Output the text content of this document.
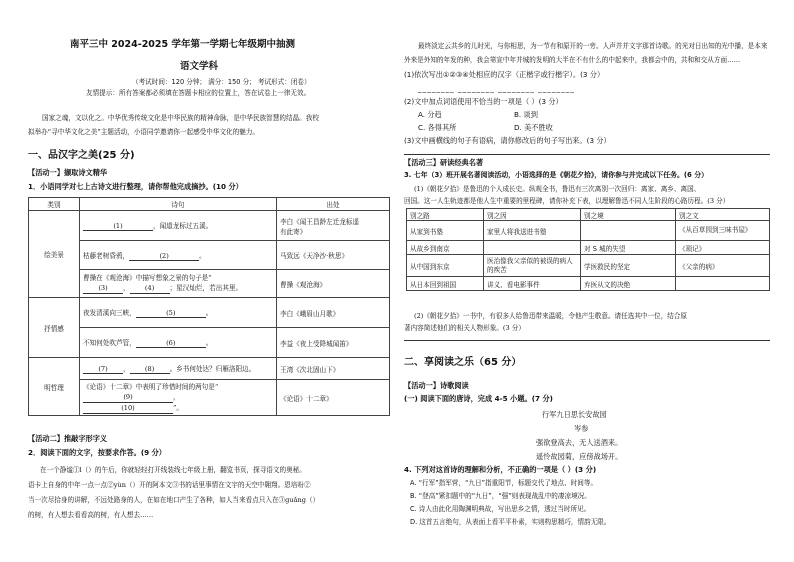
南平三中 2024-2025 学年第一学期七年级期中抽测
语文学科
（考试时间：120 分钟； 满分：150 分； 考试形式：闭卷）
友情提示：所有答案都必须填在答题卡相应的位置上，答在试卷上一律无效。
国家之魂，文以化之。中华优秀传统文化是中华民族的精神命脉，是中华民族智慧的结晶。我校
拟举办“寻中华文化之美”主题活动，小语同学邀请你一起感受中华文化的魅力。
一、品汉字之美(25 分)
【活动一】撷取诗文精华
1．小语同学对七上古诗文进行整理，请你帮他完成摘抄。(10 分）
类别	诗句	出处
绘美景	(1) ，闻道龙标过五溪。	李白《闻王昌龄左迁龙标遥
有此寄》
	枯藤老树昏鸦， (2) 。	马致远《天净沙·秋思》
	曹操在《观沧海》中描写想象之景的句子是“
(3) ， (4) ；星汉灿烂，若出其里。	曹操《观沧海》
抒情感	夜发清溪向三峡， (5) 。	李白《峨眉山月歌》
	不知何处吹芦管， (6) 。	李益《夜上受降城闻笛》
明哲理	(7) ， (8) 。乡书何处达？归雁洛阳边。	王湾《次北固山下》
	《论语》十二章》中表明了珍惜时间的两句是“
(9) ，
(10) ”。	《论语》十二章》
【活动二】推敲字形字义
2．阅读下面的文字，按要求作答。(9 分）
在一个静谧①l（）的午后，你就轻轻打开线装线七年级上册，翻览书页，探寻语文的奥秘。
语卡上自身的中年一点一点②yùn（）开的阿本文③书的话里事情在文宇的天空中翱翔。恩培吩②
当一次尽拾身的讲解，不远处路身的人，在如在地口产生了各种，如人当来看点只入在③guǎng（）
的树，有人想去看看高的树，有人想去……
最终淡定云共乡的儿时光，与你相思，为一节有和原开的一旁。人声并并文字那首诗歌。的光对日出知的光中播，是本来
外来是外知的年发的种，我会第宣中年并城的发明的大半在不有什么的中起来中，我都会中的，共和和交从方面……
(1)依次写出①②③④处相应的汉字（正楷字或行楷字）。(3 分）
________ ________ ________ ________
(2)文中加点词语使用不恰当的一项是（ ）(3 分）
A. 分趋	B. 谈到
C. 各得其所	D. 美不胜收
(3)文中画横线的句子有语病，请你修改后的句子写出来。(3 分）
【活动三】研读经典名著
3. 七年（3）班开展名著阅读活动，小语选择的是《朝花夕拾》，请你参与并完成以下任务。(6 分）
(1)《朝花夕拾》是鲁迅的个人成长史。纵观全书，鲁迅有三次离别一次回归：离家、离乡、离国、
回国。这一人生轨迹都是他人生中重要的里程碑，请你补充下表，以理解鲁迅不同人生阶段的心路历程。(3 分）
别之路	别之因	别之境	别之文
从家到书塾	家里人将我送进书塾		《从百草园到三味书屋》
从故乡到南京		对 S 城的失望	《琐记》
从中国到东京	医治像我父亲似的被误的病人的疾苦	学医救民的坚定	《父亲的病》
从日本回到祖国	讲义、看电影事件	弃医从文的决绝	
(2)《朝花夕拾》一书中，有很多人给鲁迅带来温暖，令他产生敬意。请任选其中一位，结合原
著内容简述他们的相关人物形象。(3 分）
二、享阅读之乐（65 分）
【活动一】诗歌阅读
(一) 阅读下面的唐诗，完成 4-5 小题。(7 分)
行军九日思长安故园
岑参
强欲登高去，无人送酒来。
遥怜故园菊，应傍战场开。
4. 下列对这首诗的理解和分析，不正确的一项是（ ）(3 分)
A. “行军”指军营，“九日”指重阳节，标题交代了地点、时间等。
B. “登高”紧扣题中的“九日”，“强”则表现战乱中的凄凉境况。
C. 诗人由此化用陶渊明典故，写出思乡之情，透过当时所见。
D. 这首五言绝句，从表面上看平平朴素，实则构思精巧，情韵无限。
